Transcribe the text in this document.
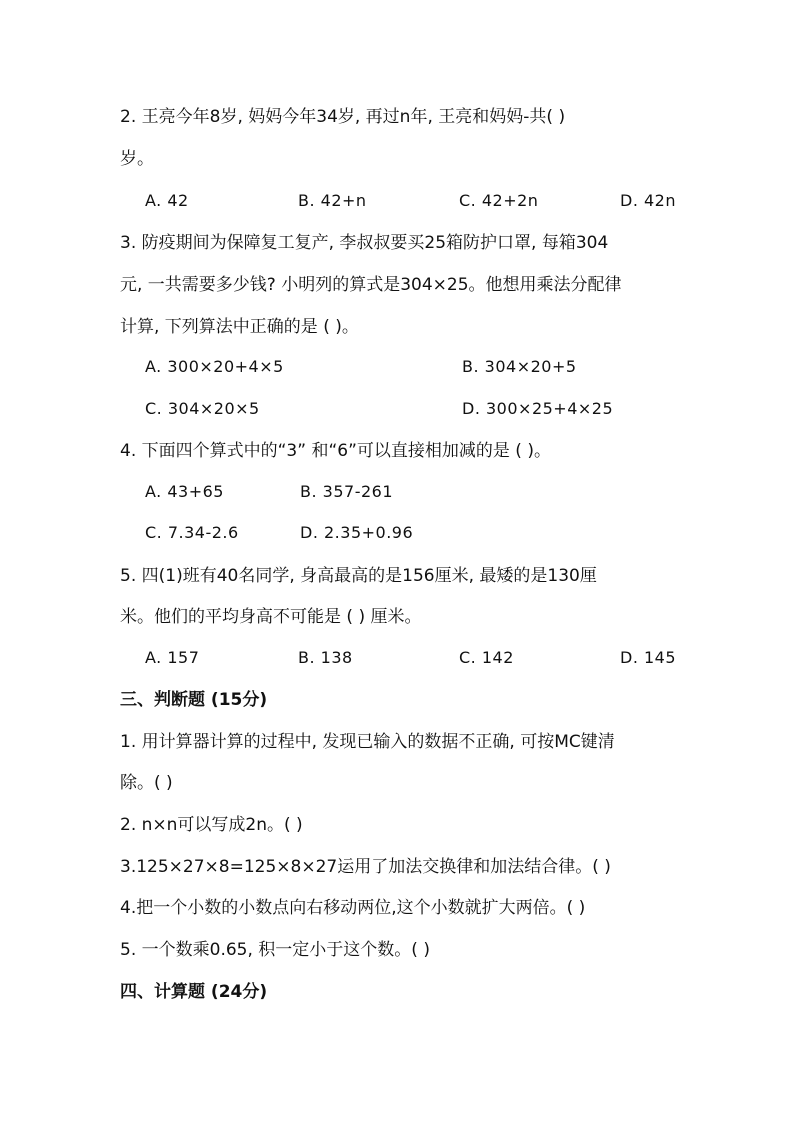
2. 王亮今年8岁, 妈妈今年34岁, 再过n年, 王亮和妈妈-共( )
岁。
A. 42	B. 42+n	C. 42+2n	D. 42n
3. 防疫期间为保障复工复产, 李叔叔要买25箱防护口罩, 每箱304
元, 一共需要多少钱? 小明列的算式是304×25。他想用乘法分配律
计算, 下列算法中正确的是 ( )。
A. 300×20+4×5	B. 304×20+5
C. 304×20×5	D. 300×25+4×25
4. 下面四个算式中的“3” 和“6”可以直接相加减的是 ( )。
A. 43+65	B. 357-261
C. 7.34-2.6	D. 2.35+0.96
5. 四(1)班有40名同学, 身高最高的是156厘米, 最矮的是130厘
米。他们的平均身高不可能是 ( ) 厘米。
A. 157	B. 138	C. 142	D. 145
三、判断题 (15分)
1. 用计算器计算的过程中, 发现已输入的数据不正确, 可按MC键清
除。( )
2. n×n可以写成2n。( )
3.125×27×8=125×8×27运用了加法交换律和加法结合律。( )
4.把一个小数的小数点向右移动两位,这个小数就扩大两倍。( )
5. 一个数乘0.65, 积一定小于这个数。( )
四、计算题 (24分)
